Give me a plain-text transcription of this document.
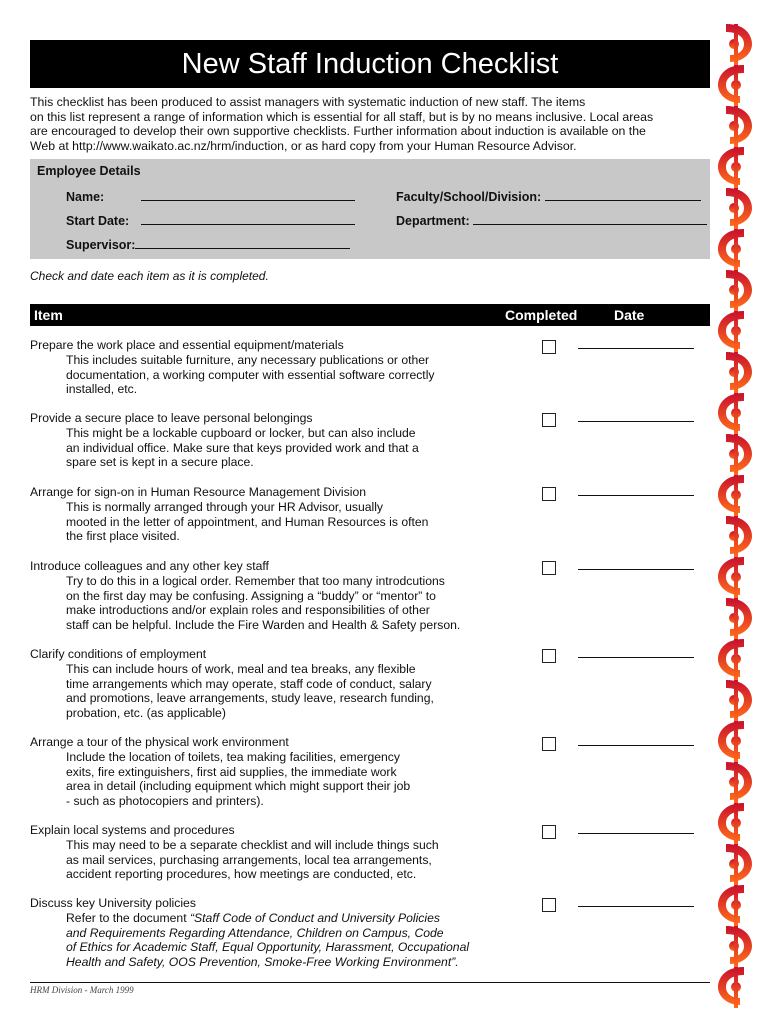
New Staff Induction Checklist
This checklist has been produced to assist managers with systematic induction of new staff. The items
on this list represent a range of information which is essential for all staff, but is by no means inclusive. Local areas
are encouraged to develop their own supportive checklists. Further information about induction is available on the
Web at http://www.waikato.ac.nz/hrm/induction, or as hard copy from your Human Resource Advisor.
Employee Details
Name:
Start Date:
Supervisor:
Faculty/School/Division:
Department:
Check and date each item as it is completed.
Item	Completed	Date
Prepare the work place and essential equipment/materials
This includes suitable furniture, any necessary publications or other
documentation, a working computer with essential software correctly
installed, etc.
Provide a secure place to leave personal belongings
This might be a lockable cupboard or locker, but can also include
an individual office. Make sure that keys provided work and that a
spare set is kept in a secure place.
Arrange for sign-on in Human Resource Management Division
This is normally arranged through your HR Advisor, usually
mooted in the letter of appointment, and Human Resources is often
the first place visited.
Introduce colleagues and any other key staff
Try to do this in a logical order. Remember that too many introdcutions
on the first day may be confusing. Assigning a “buddy” or “mentor” to
make introductions and/or explain roles and responsibilities of other
staff can be helpful. Include the Fire Warden and Health & Safety person.
Clarify conditions of employment
This can include hours of work, meal and tea breaks, any flexible
time arrangements which may operate, staff code of conduct, salary
and promotions, leave arrangements, study leave, research funding,
probation, etc. (as applicable)
Arrange a tour of the physical work environment
Include the location of toilets, tea making facilities, emergency
exits, fire extinguishers, first aid supplies, the immediate work
area in detail (including equipment which might support their job
- such as photocopiers and printers).
Explain local systems and procedures
This may need to be a separate checklist and will include things such
as mail services, purchasing arrangements, local tea arrangements,
accident reporting procedures, how meetings are conducted, etc.
Discuss key University policies
Refer to the document “Staff Code of Conduct and University Policies
and Requirements Regarding Attendance, Children on Campus, Code
of Ethics for Academic Staff, Equal Opportunity, Harassment, Occupational
Health and Safety, OOS Prevention, Smoke-Free Working Environment”.
HRM Division - March 1999
